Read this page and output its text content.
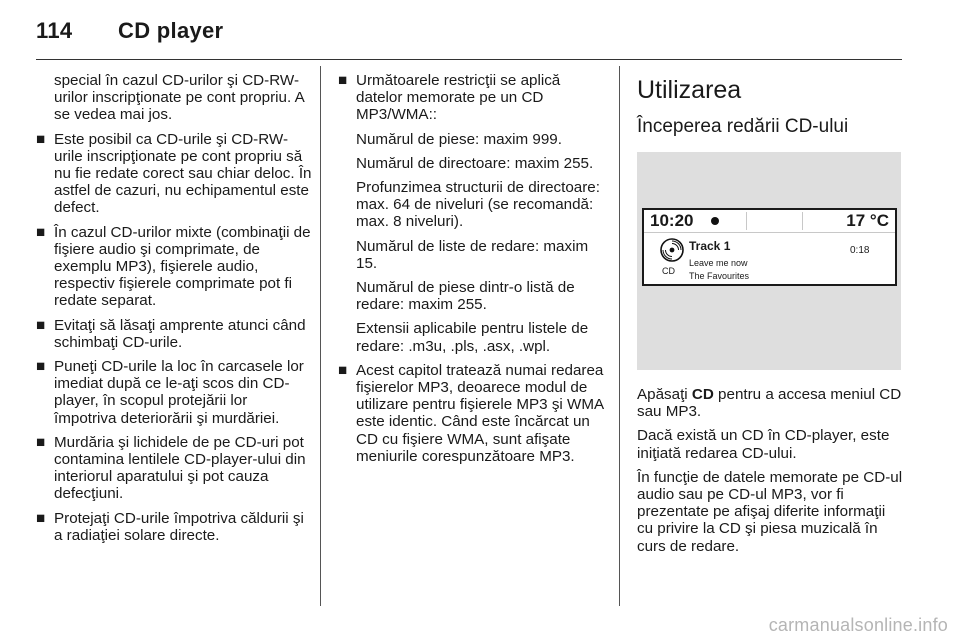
114 CD player

special în cazul CD-urilor şi CD-RW-urilor inscripţionate pe cont propriu. A se vedea mai jos.

■ Este posibil ca CD-urile şi CD-RW-urile inscripţionate pe cont propriu să nu fie redate corect sau chiar deloc. În astfel de cazuri, nu echipamentul este defect.
■ În cazul CD-urilor mixte (combinaţii de fişiere audio şi comprimate, de exemplu MP3), fişierele audio, respectiv fişierele comprimate pot fi redate separat.
■ Evitaţi să lăsaţi amprente atunci când schimbaţi CD-urile.
■ Puneţi CD-urile la loc în carcasele lor imediat după ce le-aţi scos din CD-player, în scopul protejării lor împotriva deteriorării şi murdăriei.
■ Murdăria şi lichidele de pe CD-uri pot contamina lentilele CD-player-ului din interiorul aparatului şi pot cauza defecţiuni.
■ Protejaţi CD-urile împotriva căldurii şi a radiaţiei solare directe.
■ Următoarele restricţii se aplică datelor memorate pe un CD MP3/WMA::

Numărul de piese: maxim 999.

Numărul de directoare: maxim 255.

Profunzimea structurii de directoare: max. 64 de niveluri (se recomandă: max. 8 niveluri).

Numărul de liste de redare: maxim 15.

Numărul de piese dintr-o listă de redare: maxim 255.

Extensii aplicabile pentru listele de redare: .m3u, .pls, .asx, .wpl.

■ Acest capitol tratează numai redarea fişierelor MP3, deoarece modul de utilizare pentru fişierele MP3 şi WMA este identic. Când este încărcat un CD cu fişiere WMA, sunt afişate meniurile corespunzătoare MP3.
Utilizarea
Începerea redării CD-ului
10:20	17 °C
CD
Track 1	0:18
Leave me now
The Favourites

Apăsaţi CD pentru a accesa meniul CD sau MP3.

Dacă există un CD în CD-player, este iniţiată redarea CD-ului.

În funcţie de datele memorate pe CD-ul audio sau pe CD-ul MP3, vor fi prezentate pe afişaj diferite informaţii cu privire la CD şi piesa muzicală în curs de redare.

carmanualsonline.info
